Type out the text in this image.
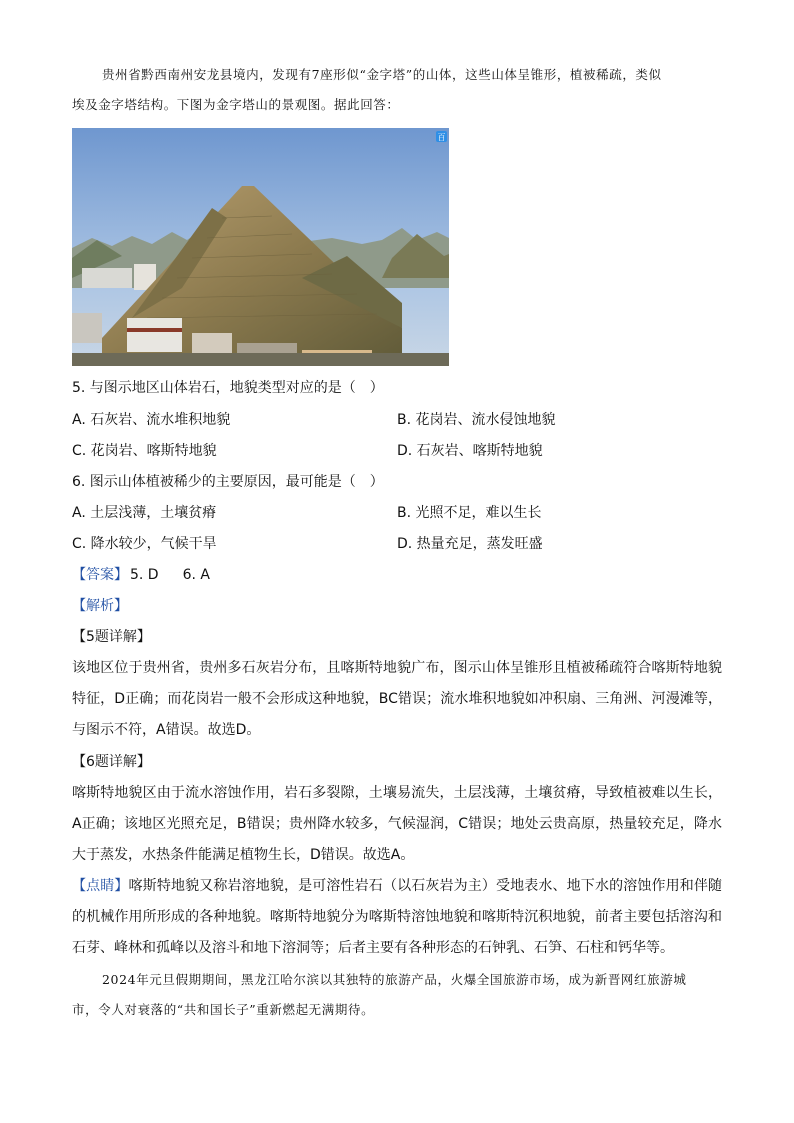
贵州省黔西南州安龙县境内，发现有7座形似“金字塔”的山体，这些山体呈锥形，植被稀疏，类似
埃及金字塔结构。下图为金字塔山的景观图。据此回答：
百
5. 与图示地区山体岩石，地貌类型对应的是（　）
A. 石灰岩、流水堆积地貌	B. 花岗岩、流水侵蚀地貌
C. 花岗岩、喀斯特地貌	D. 石灰岩、喀斯特地貌
6. 图示山体植被稀少的主要原因，最可能是（　）
A. 土层浅薄，土壤贫瘠	B. 光照不足，难以生长
C. 降水较少，气候干旱	D. 热量充足，蒸发旺盛
【答案】 5. D 6. A
【解析】
【5题详解】
该地区位于贵州省，贵州多石灰岩分布，且喀斯特地貌广布，图示山体呈锥形且植被稀疏符合喀斯特地貌特征，D正确；而花岗岩一般不会形成这种地貌，BC错误；流水堆积地貌如冲积扇、三角洲、河漫滩等，与图示不符，A错误。故选D。
【6题详解】
喀斯特地貌区由于流水溶蚀作用，岩石多裂隙，土壤易流失，土层浅薄，土壤贫瘠，导致植被难以生长，A正确；该地区光照充足，B错误；贵州降水较多，气候湿润，C错误；地处云贵高原，热量较充足，降水大于蒸发，水热条件能满足植物生长，D错误。故选A。
【点睛】喀斯特地貌又称岩溶地貌，是可溶性岩石（以石灰岩为主）受地表水、地下水的溶蚀作用和伴随的机械作用所形成的各种地貌。喀斯特地貌分为喀斯特溶蚀地貌和喀斯特沉积地貌，前者主要包括溶沟和石芽、峰林和孤峰以及溶斗和地下溶洞等；后者主要有各种形态的石钟乳、石笋、石柱和钙华等。
2024年元旦假期期间，黑龙江哈尔滨以其独特的旅游产品，火爆全国旅游市场，成为新晋网红旅游城
市，令人对衰落的“共和国长子”重新燃起无满期待。
